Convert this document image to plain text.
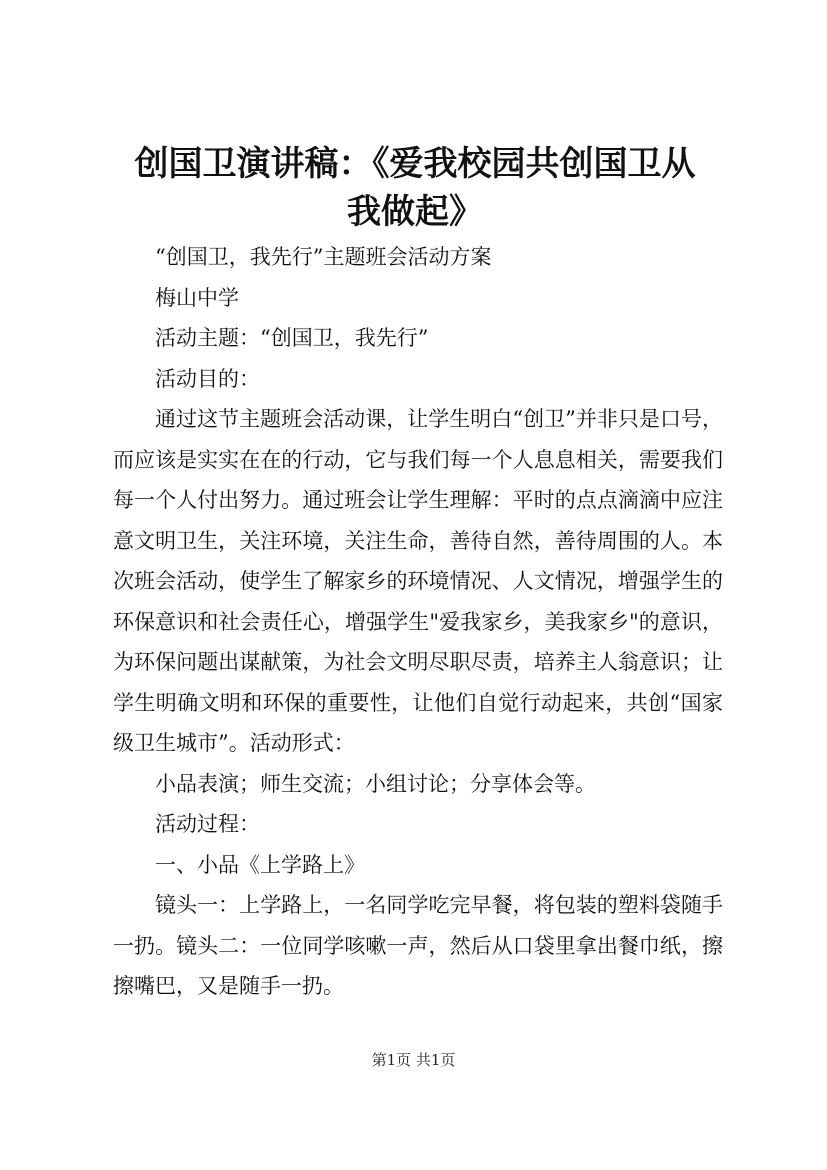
创国卫演讲稿：《爱我校园共创国卫从我做起》

“创国卫，我先行”主题班会活动方案

梅山中学

活动主题：“创国卫，我先行”

活动目的：

通过这节主题班会活动课，让学生明白“创卫”并非只是口号，而应该是实实在在的行动，它与我们每一个人息息相关，需要我们每一个人付出努力。通过班会让学生理解：平时的点点滴滴中应注意文明卫生，关注环境，关注生命，善待自然，善待周围的人。本次班会活动，使学生了解家乡的环境情况、人文情况，增强学生的环保意识和社会责任心，增强学生"爱我家乡，美我家乡"的意识，为环保问题出谋献策，为社会文明尽职尽责，培养主人翁意识；让学生明确文明和环保的重要性，让他们自觉行动起来，共创“国家级卫生城市”。活动形式：

小品表演；师生交流；小组讨论；分享体会等。

活动过程：

一、小品《上学路上》

镜头一：上学路上，一名同学吃完早餐，将包装的塑料袋随手一扔。镜头二：一位同学咳嗽一声，然后从口袋里拿出餐巾纸，擦擦嘴巴，又是随手一扔。

第1页 共1页
